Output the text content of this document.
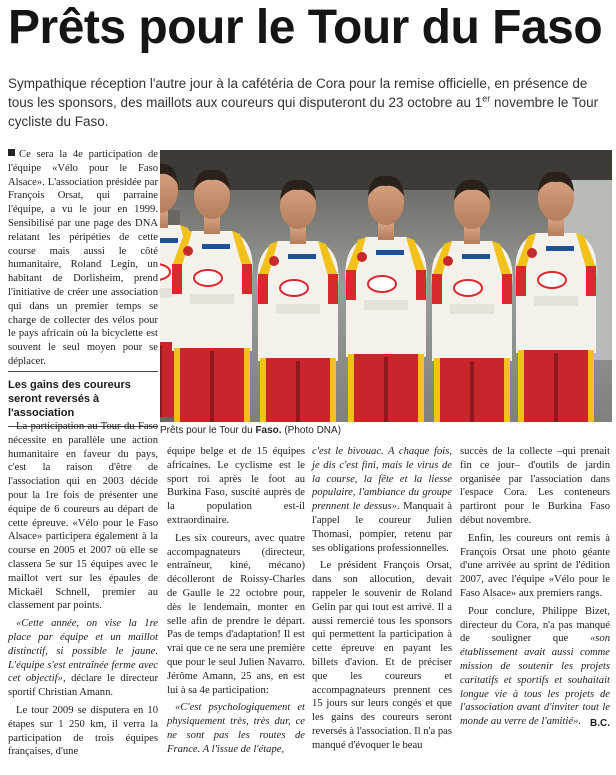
Prêts pour le Tour du Faso
Sympathique réception l'autre jour à la cafétéria de Cora pour la remise officielle, en présence de tous les sponsors, des maillots aux coureurs qui disputeront du 23 octobre au 1er novembre le Tour cycliste du Faso.

Ce sera la 4e participation de l'équipe «Vélo pour le Faso Alsace». L'association présidée par François Orsat, qui parraine l'équipe, a vu le jour en 1999. Sensibilisé par une page des DNA relatant les péripéties de cette course mais aussi le côté humanitaire, Roland Legin, un habitant de Dorlisheim, prend l'initiative de créer une association qui dans un premier temps se charge de collecter des vélos pour le pays africain où la bicyclette est souvent le seul moyen pour se déplacer.

Les gains des coureurs seront reversés à l'association

La participation au Tour du Faso nécessite en parallèle une action humanitaire en faveur du pays, c'est la raison d'être de l'association qui en 2003 décide pour la 1re fois de présenter une équipe de 6 coureurs au départ de cette épreuve. «Vélo pour le Faso Alsace» participera également à la course en 2005 et 2007 où elle se classera 5e sur 15 équipes avec le maillot vert sur les épaules de Mickaël Schnell, premier au classement par points.

«Cette année, on vise la 1re place par équipe et un maillot distinctif, si possible le jaune. L'équipe s'est entraînée ferme avec cet objectif», déclare le directeur sportif Christian Amann.

Le tour 2009 se disputera en 10 étapes sur 1 250 km, il verra la participation de trois équipes françaises, d'une

Prêts pour le Tour du Faso. (Photo DNA)

équipe belge et de 15 équipes africaines. Le cyclisme est le sport roi après le foot au Burkina Faso, suscité auprès de la population est-il extraordinaire.

Les six coureurs, avec quatre accompagnateurs (directeur, entraîneur, kiné, mécano) décolleront de Roissy-Charles de Gaulle le 22 octobre pour, dès le lendemain, monter en selle afin de prendre le départ. Pas de temps d'adaptation! Il est vrai que ce ne sera une première que pour le seul Julien Navarro. Jérôme Amann, 25 ans, en est lui à sa 4e participation:

«C'est psychologiquement et physiquement très, très dur, ce ne sont pas les routes de France. A l'issue de l'étape,

c'est le bivouac. A chaque fois, je dis c'est fini, mais le virus de la course, la fête et la liesse populaire, l'ambiance du groupe prennent le dessus». Manquait à l'appel le coureur Julien Thomasi, pompier, retenu par ses obligations professionnelles.

Le président François Orsat, dans son allocution, devait rappeler le souvenir de Roland Gelin par qui tout est arrivé. Il a aussi remercié tous les sponsors qui permettent la participation à cette épreuve en payant les billets d'avion. Et de préciser que les coureurs et accompagnateurs prennent ces 15 jours sur leurs congés et que les gains des coureurs seront reversés à l'association. Il n'a pas manqué d'évoquer le beau

succès de la collecte –qui prenait fin ce jour– d'outils de jardin organisée par l'association dans l'espace Cora. Les conteneurs partiront pour le Burkina Faso début novembre.

Enfin, les coureurs ont remis à François Orsat une photo géante d'une arrivée au sprint de l'édition 2007, avec l'équipe «Vélo pour le Faso Alsace» aux premiers rangs.

Pour conclure, Philippe Bizet, directeur du Cora, n'a pas manqué de souligner que «son établissement avait aussi comme mission de soutenir les projets caritatifs et sportifs et souhaitait longue vie à tous les projets de l'association avant d'inviter tout le monde au verre de l'amitié». B.C.
